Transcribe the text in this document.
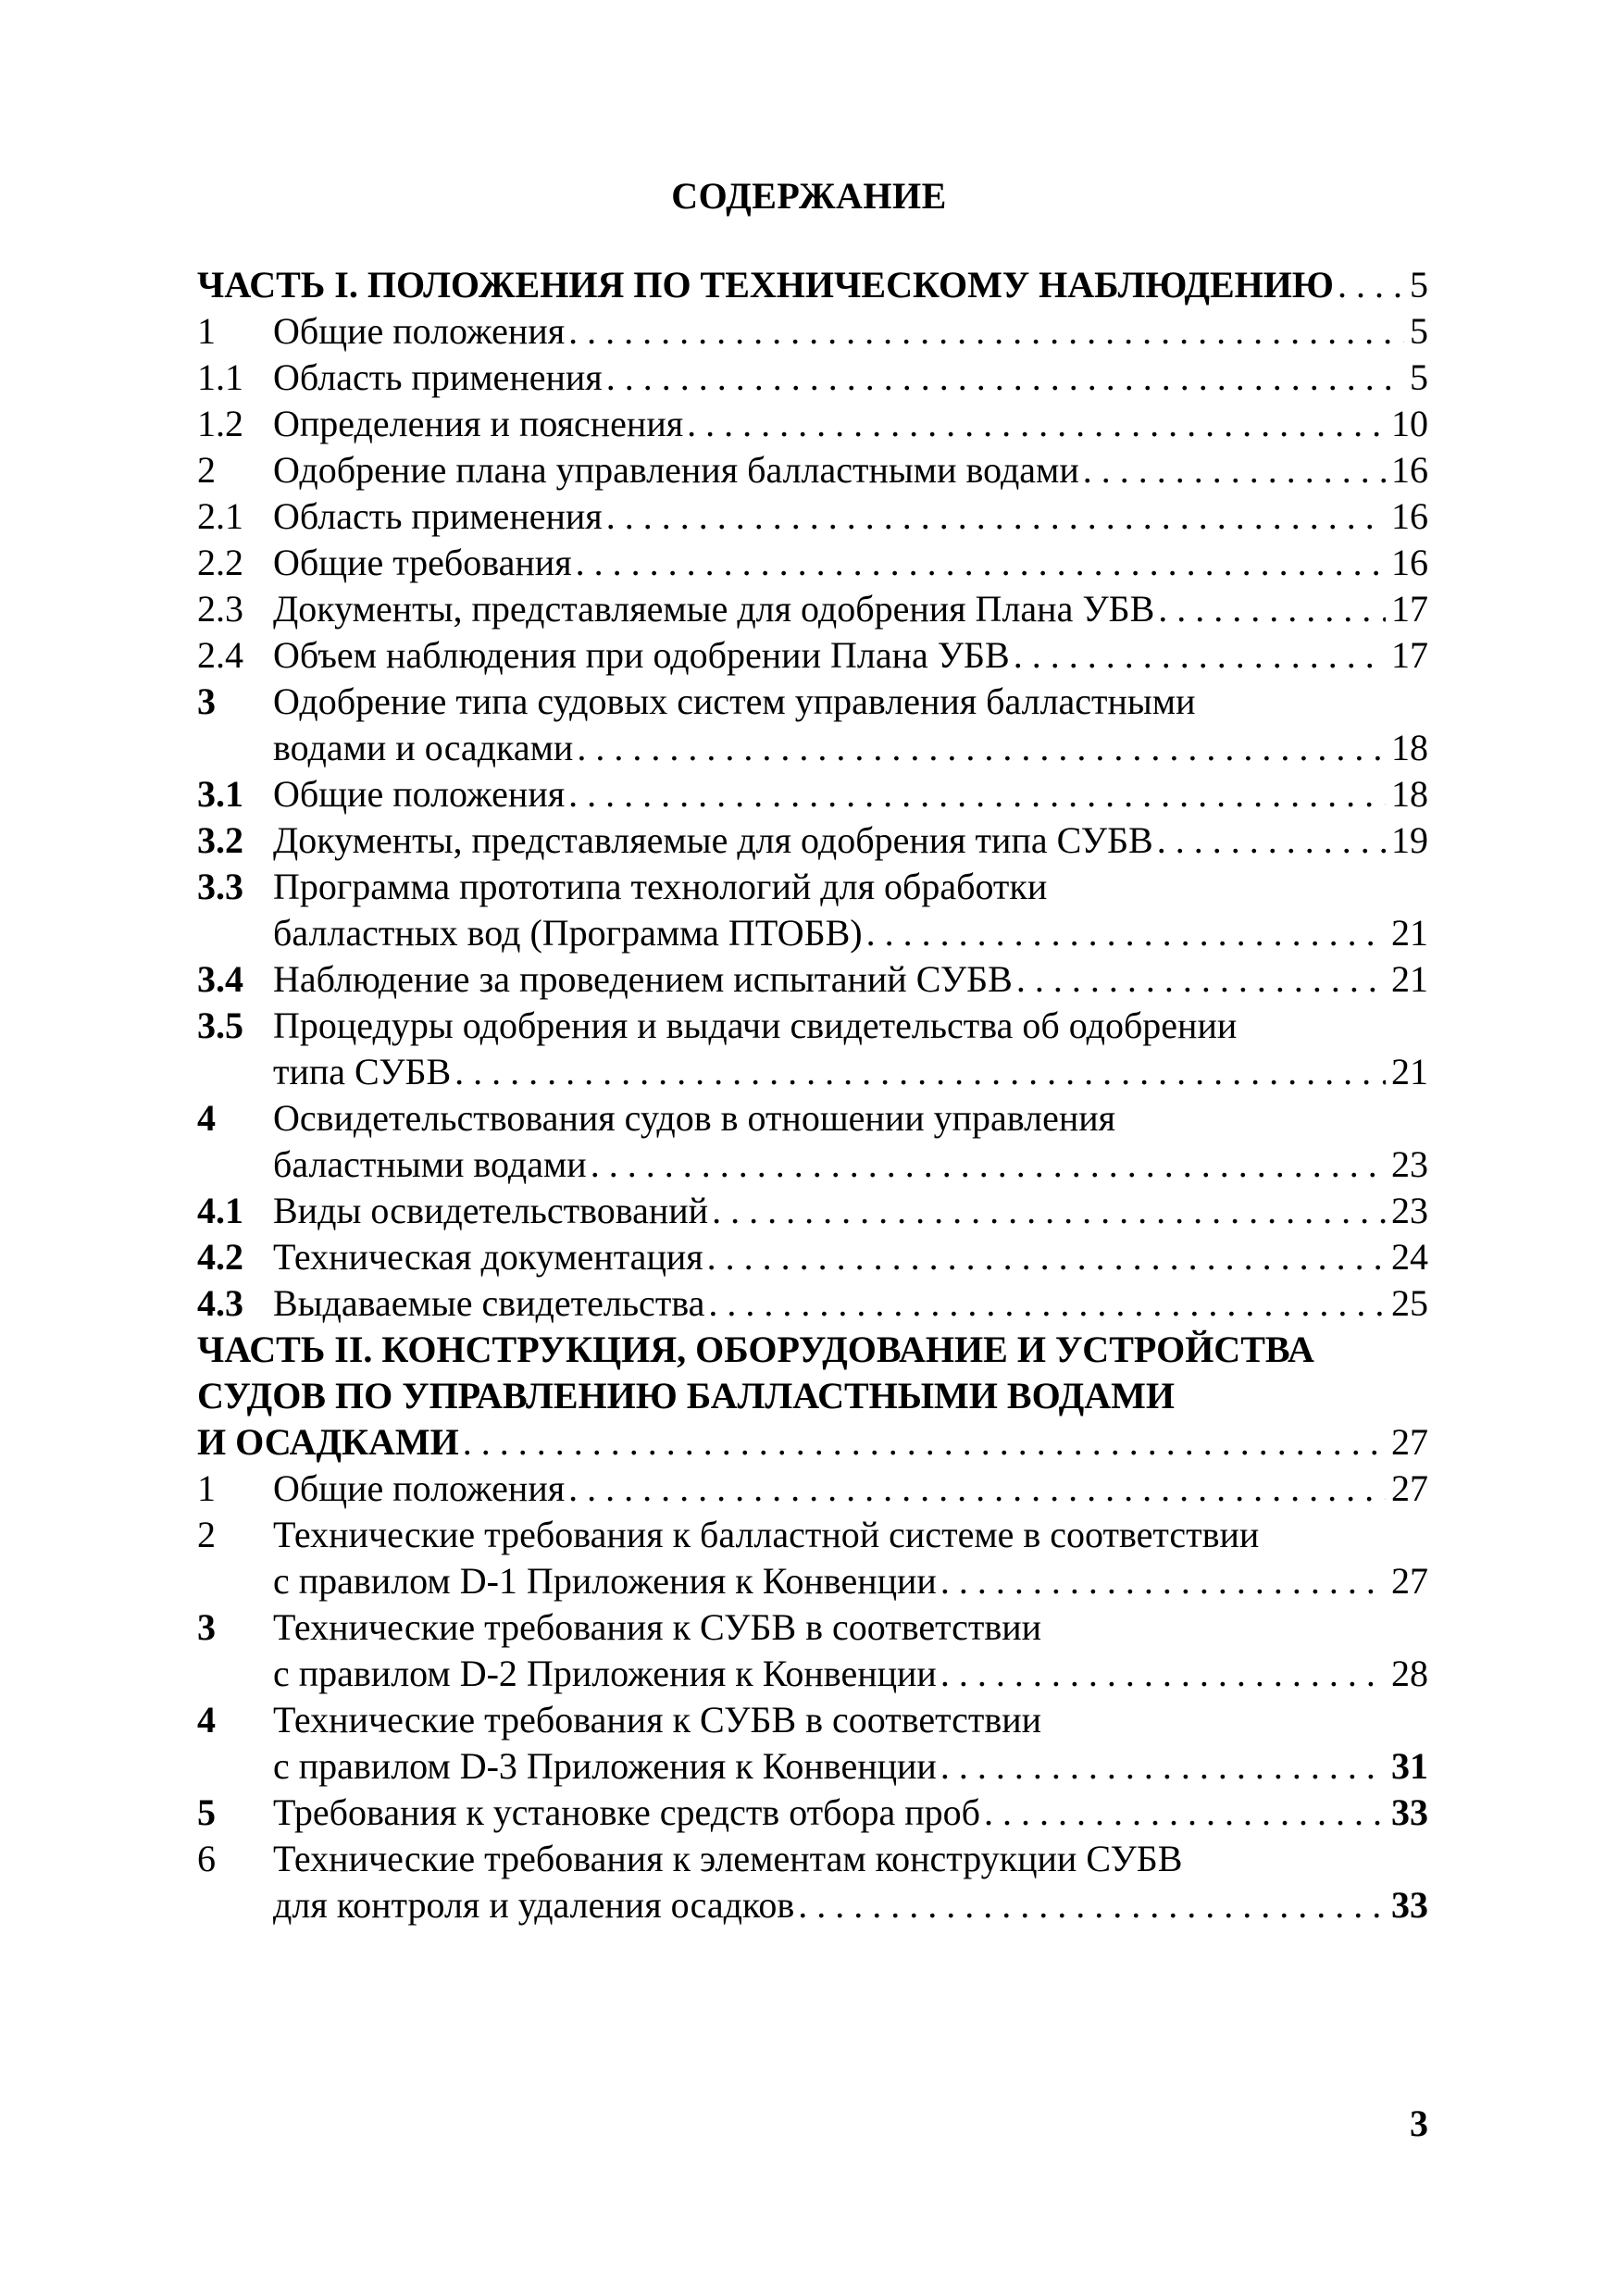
СОДЕРЖАНИЕ
ЧАСТЬ I. ПОЛОЖЕНИЯ ПО ТЕХНИЧЕСКОМУ НАБЛЮДЕНИЮ . . . 5
1	Общие положения . . .	5
1.1 Область применения . . .	5
1.2 Определения и пояснения . . .	10
2	Одобрение плана управления балластными водами . . .	16
2.1 Область применения . . .	16
2.2 Общие требования . . .	16
2.3 Документы, представляемые для одобрения Плана УБВ . . .	17
2.4 Объем наблюдения при одобрении Плана УБВ . . .	17
3	Одобрение типа судовых систем управления балластными
водами и осадками . . .	18
3.1 Общие положения . . .	18
3.2 Документы, представляемые для одобрения типа СУБВ . . .	19
3.3 Программа прототипа технологий для обработки
балластных вод (Программа ПТОБВ) . . .	21
3.4 Наблюдение за проведением испытаний СУБВ . . .	21
3.5 Процедуры одобрения и выдачи свидетельства об одобрении
типа СУБВ . . .	21
4	Освидетельствования судов в отношении управления
баластными водами . . .	23
4.1 Виды освидетельствований . . .	23
4.2 Техническая документация . . .	24
4.3 Выдаваемые свидетельства . . .	25
ЧАСТЬ II. КОНСТРУКЦИЯ, ОБОРУДОВАНИЕ И УСТРОЙСТВА
СУДОВ ПО УПРАВЛЕНИЮ БАЛЛАСТНЫМИ ВОДАМИ
И ОСАДКАМИ . . .	27
1	Общие положения . . .	27
2	Технические требования к балластной системе в соответствии
с правилом D-1 Приложения к Конвенции . . .	27
3	Технические требования к СУБВ в соответствии
с правилом D-2 Приложения к Конвенции . . .	28
4	Технические требования к СУБВ в соответствии
с правилом D-3 Приложения к Конвенции . . .	31
5	Требования к установке средств отбора проб . . .	33
6	Технические требования к элементам конструкции СУБВ
для контроля и удаления осадков . . .	33
3
